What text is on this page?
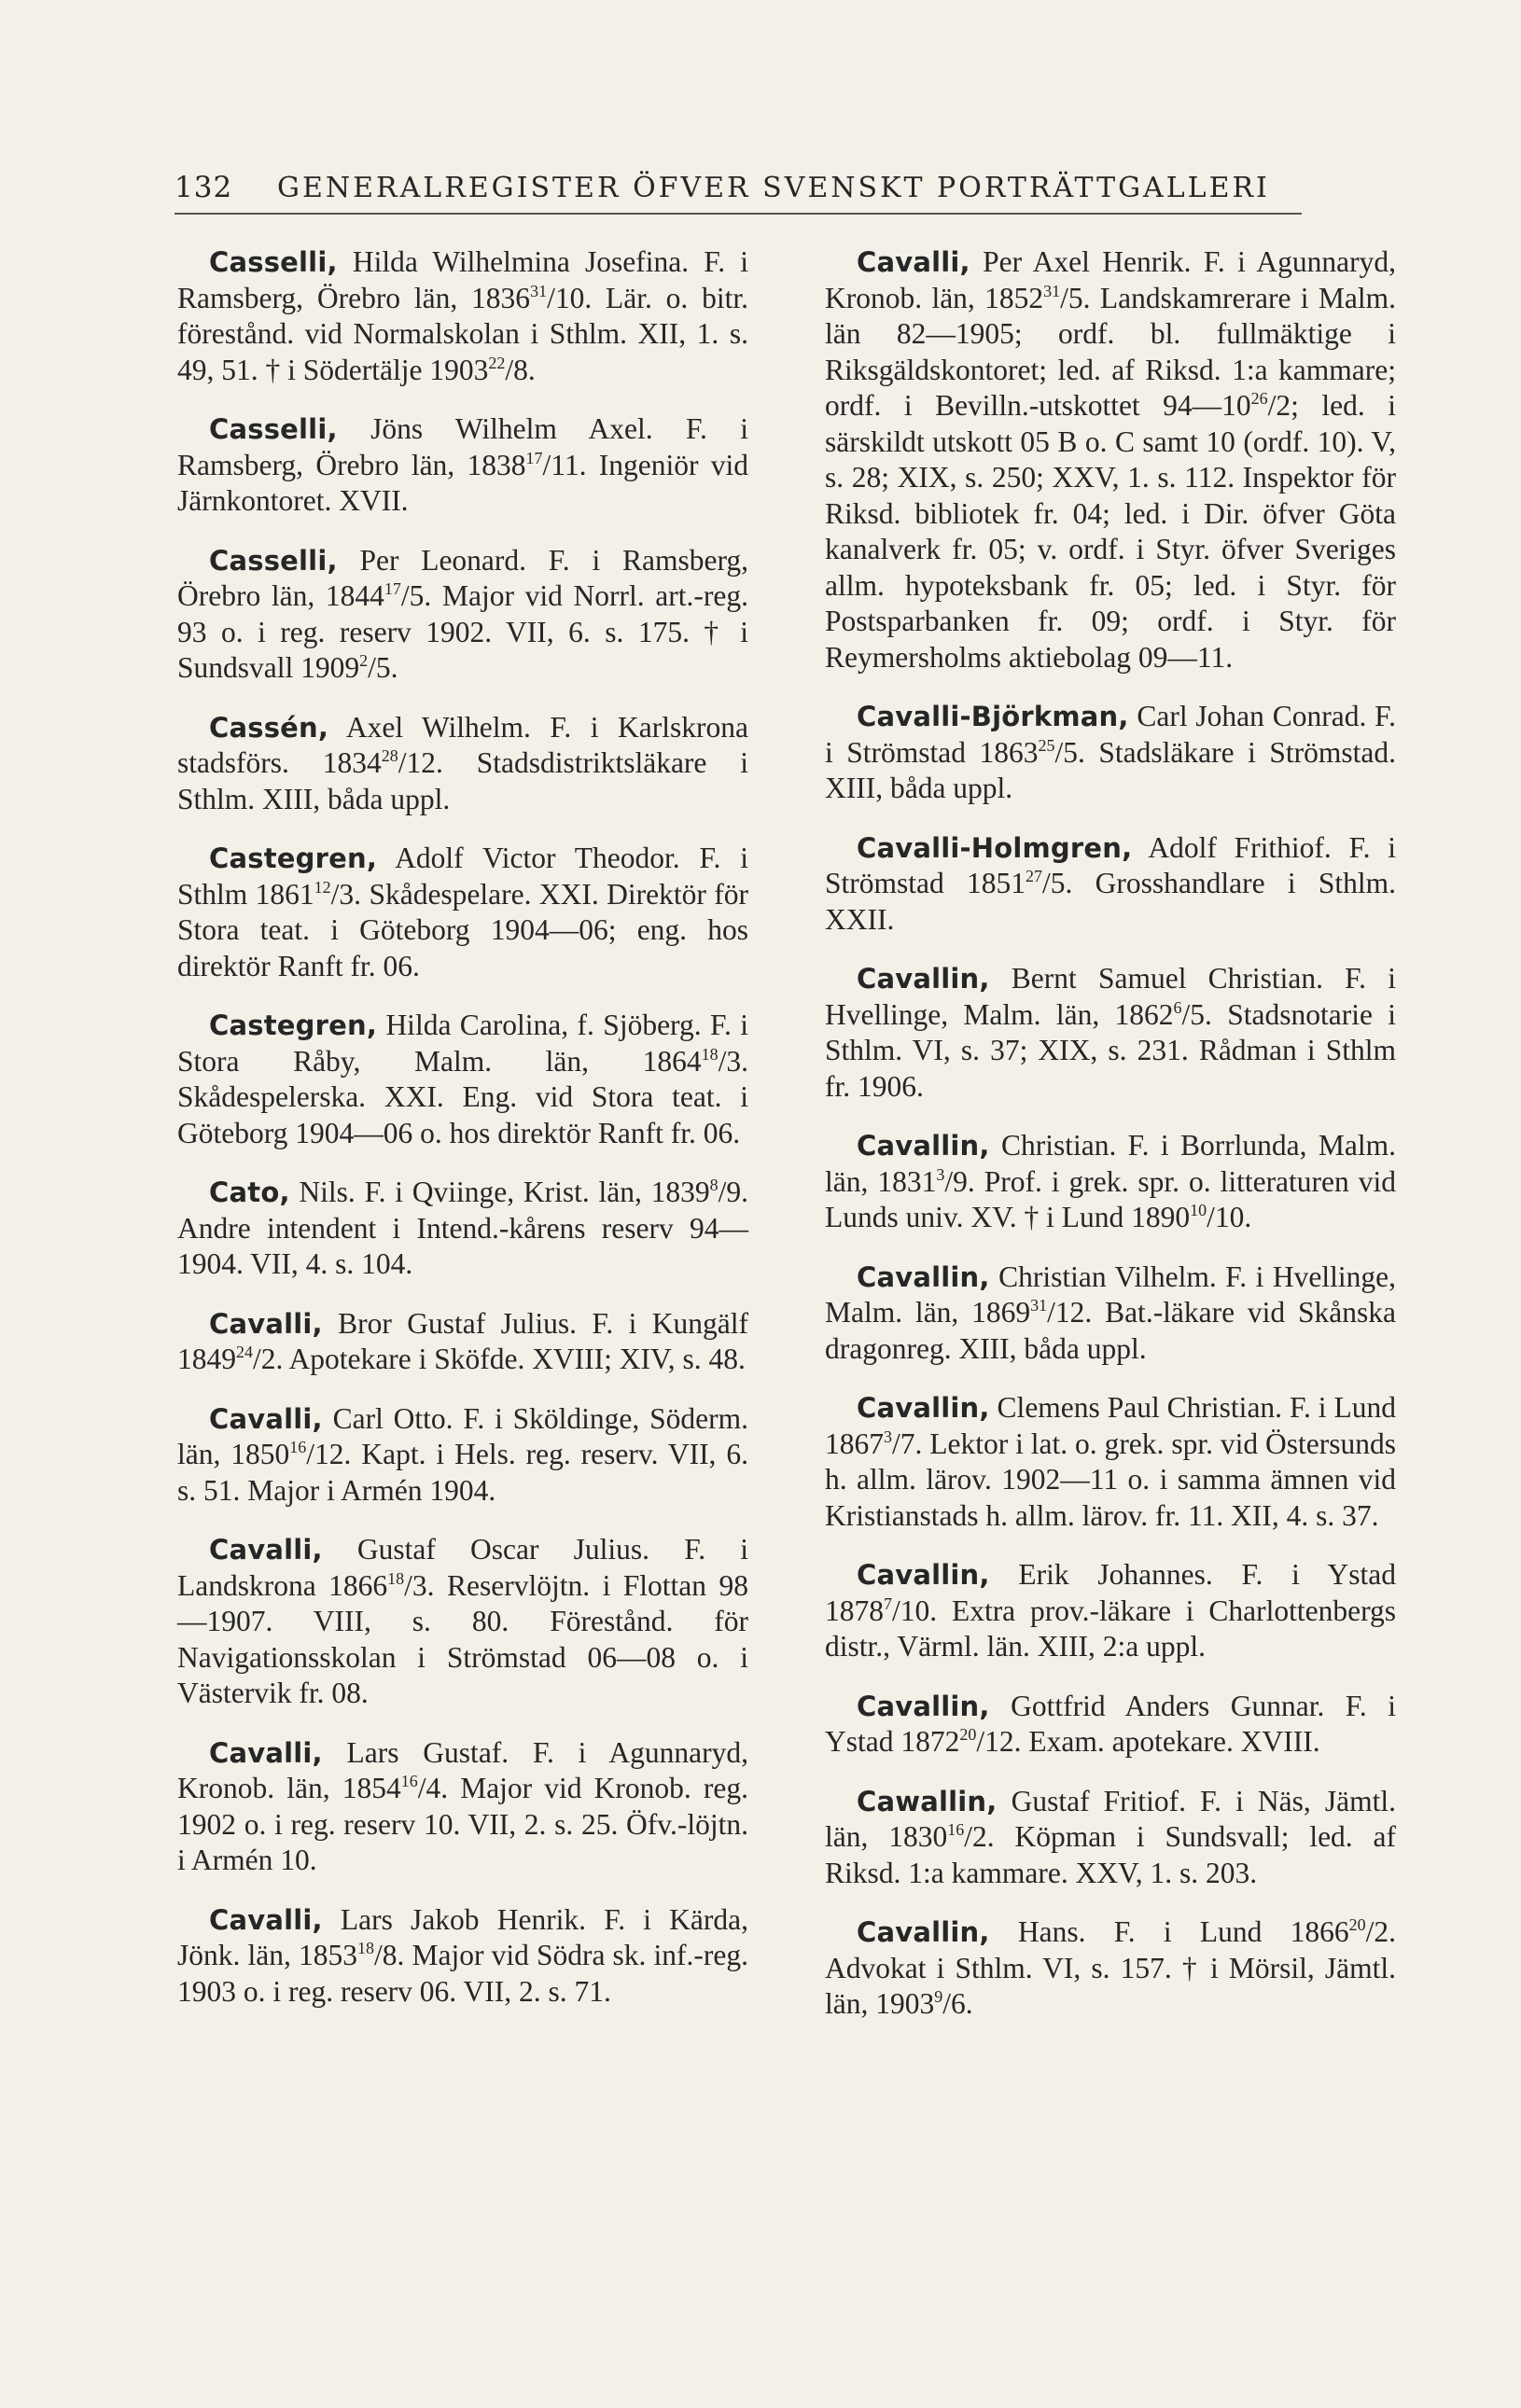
132	GENERALREGISTER ÖFVER SVENSKT PORTRÄTTGALLERI

Casselli, Hilda Wilhelmina Josefina. F. i Ramsberg, Örebro län, 1836$^{31}$/10. Lär. o. bitr. förestånd. vid Normalskolan i Sthlm. XII, 1. s. 49, 51. † i Södertälje 1903$^{22}$/8.

Casselli, Jöns Wilhelm Axel. F. i Ramsberg, Örebro län, 1838$^{17}$/11. Ingeniör vid Järnkontoret. XVII.

Casselli, Per Leonard. F. i Ramsberg, Örebro län, 1844$^{17}$/5. Major vid Norrl. art.-reg. 93 o. i reg. reserv 1902. VII, 6. s. 175. † i Sundsvall 1909$^2$/5.

Cassén, Axel Wilhelm. F. i Karlskrona stadsförs. 1834$^{28}$/12. Stadsdistriktsläkare i Sthlm. XIII, båda uppl.

Castegren, Adolf Victor Theodor. F. i Sthlm 1861$^{12}$/3. Skådespelare. XXI. Direktör för Stora teat. i Göteborg 1904—06; eng. hos direktör Ranft fr. 06.

Castegren, Hilda Carolina, f. Sjöberg. F. i Stora Råby, Malm. län, 1864$^{18}$/3. Skådespelerska. XXI. Eng. vid Stora teat. i Göteborg 1904—06 o. hos direktör Ranft fr. 06.

Cato, Nils. F. i Qviinge, Krist. län, 1839$^8$/9. Andre intendent i Intend.-kårens reserv 94—1904. VII, 4. s. 104.

Cavalli, Bror Gustaf Julius. F. i Kungälf 1849$^{24}$/2. Apotekare i Sköfde. XVIII; XIV, s. 48.

Cavalli, Carl Otto. F. i Sköldinge, Söderm. län, 1850$^{16}$/12. Kapt. i Hels. reg. reserv. VII, 6. s. 51. Major i Armén 1904.

Cavalli, Gustaf Oscar Julius. F. i Landskrona 1866$^{18}$/3. Reservlöjtn. i Flottan 98—1907. VIII, s. 80. Förestånd. för Navigationsskolan i Strömstad 06—08 o. i Västervik fr. 08.

Cavalli, Lars Gustaf. F. i Agunnaryd, Kronob. län, 1854$^{16}$/4. Major vid Kronob. reg. 1902 o. i reg. reserv 10. VII, 2. s. 25. Öfv.-löjtn. i Armén 10.

Cavalli, Lars Jakob Henrik. F. i Kärda, Jönk. län, 1853$^{18}$/8. Major vid Södra sk. inf.-reg. 1903 o. i reg. reserv 06. VII, 2. s. 71.

Cavalli, Per Axel Henrik. F. i Agunnaryd, Kronob. län, 1852$^{31}$/5. Landskamrerare i Malm. län 82—1905; ordf. bl. fullmäktige i Riksgäldskontoret; led. af Riksd. 1:a kammare; ordf. i Bevilln.-utskottet $94—10^{26}/2$; led. i särskildt utskott 05 B o. C samt 10 (ordf. 10). V, s. 28; XIX, s. 250; XXV, 1. s. 112. Inspektor för Riksd. bibliotek fr. 04; led. i Dir. öfver Göta kanalverk fr. 05; v. ordf. i Styr. öfver Sveriges allm. hypoteksbank fr. 05; led. i Styr. för Postsparbanken fr. 09; ordf. i Styr. för Reymersholms aktiebolag 09—11.

Cavalli-Björkman, Carl Johan Conrad. F. i Strömstad 1863$^{25}$/5. Stadsläkare i Strömstad. XIII, båda uppl.

Cavalli-Holmgren, Adolf Frithiof. F. i Strömstad 1851$^{27}$/5. Grosshandlare i Sthlm. XXII.

Cavallin, Bernt Samuel Christian. F. i Hvellinge, Malm. län, 1862$^6$/5. Stadsnotarie i Sthlm. VI, s. 37; XIX, s. 231. Rådman i Sthlm fr. 1906.

Cavallin, Christian. F. i Borrlunda, Malm. län, 1831$^3$/9. Prof. i grek. spr. o. litteraturen vid Lunds univ. XV. † i Lund 1890$^{10}$/10.

Cavallin, Christian Vilhelm. F. i Hvellinge, Malm. län, 1869$^{31}$/12. Bat.-läkare vid Skånska dragonreg. XIII, båda uppl.

Cavallin, Clemens Paul Christian. F. i Lund 1867$^3$/7. Lektor i lat. o. grek. spr. vid Östersunds h. allm. lärov. 1902—11 o. i samma ämnen vid Kristianstads h. allm. lärov. fr. 11. XII, 4. s. 37.

Cavallin, Erik Johannes. F. i Ystad 1878$^7$/10. Extra prov.-läkare i Charlottenbergs distr., Värml. län. XIII, 2:a uppl.

Cavallin, Gottfrid Anders Gunnar. F. i Ystad 1872$^{20}$/12. Exam. apotekare. XVIII.

Cawallin, Gustaf Fritiof. F. i Näs, Jämtl. län, 1830$^{16}$/2. Köpman i Sundsvall; led. af Riksd. 1:a kammare. XXV, 1. s. 203.

Cavallin, Hans. F. i Lund 1866$^{20}$/2. Advokat i Sthlm. VI, s. 157. † i Mörsil, Jämtl. län, 1903$^9$/6.
